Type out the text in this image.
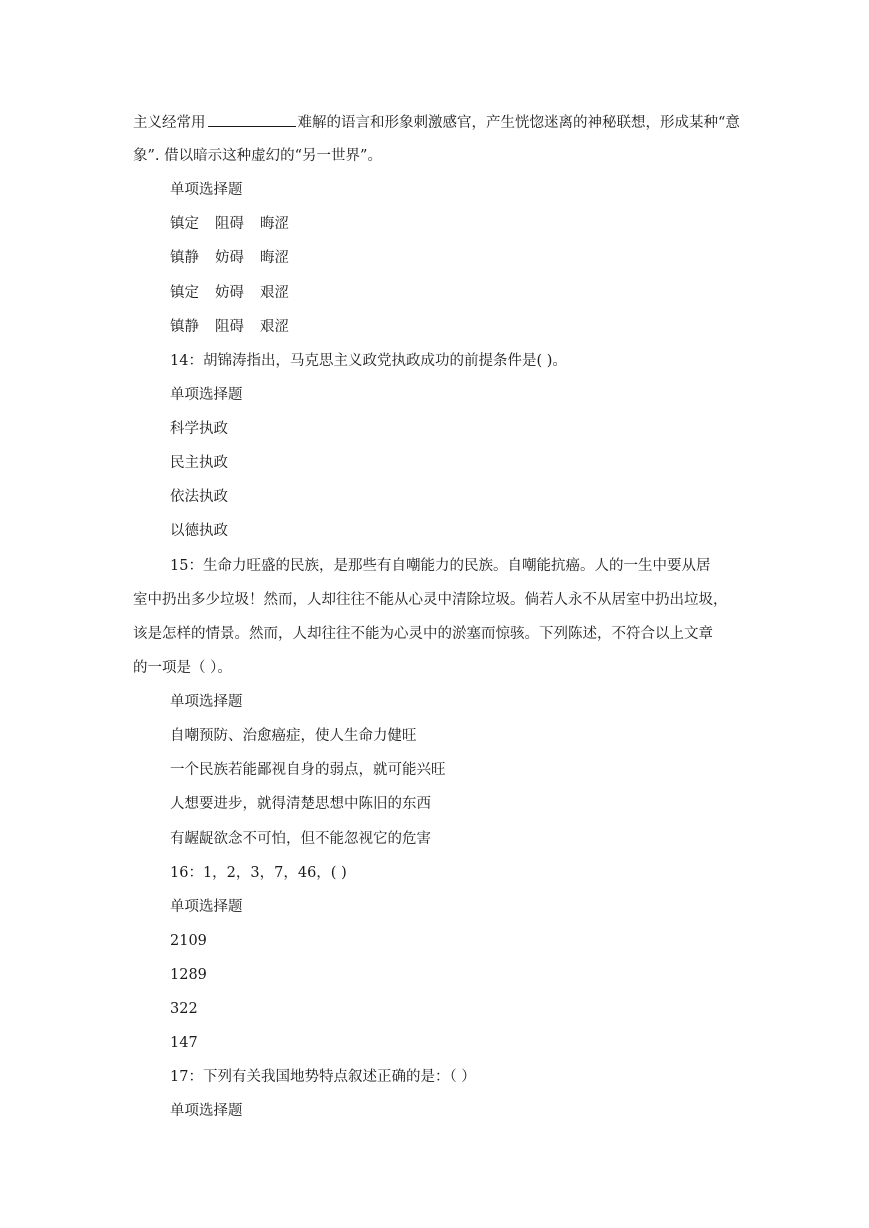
主义经常用	难解的语言和形象刺激感官，产生恍惚迷离的神秘联想，形成某种“意
象”. 借以暗示这种虚幻的“另一世界”。
单项选择题
镇定 阻碍 晦涩
镇静 妨碍 晦涩
镇定 妨碍 艰涩
镇静 阻碍 艰涩
14：胡锦涛指出，马克思主义政党执政成功的前提条件是( )。
单项选择题
科学执政
民主执政
依法执政
以德执政
15：生命力旺盛的民族，是那些有自嘲能力的民族。自嘲能抗癌。人的一生中要从居
室中扔出多少垃圾！然而，人却往往不能从心灵中清除垃圾。倘若人永不从居室中扔出垃圾，
该是怎样的情景。然而，人却往往不能为心灵中的淤塞而惊骇。下列陈述，不符合以上文章
的一项是（ ）。
单项选择题
自嘲预防、治愈癌症，使人生命力健旺
一个民族若能鄙视自身的弱点，就可能兴旺
人想要进步，就得清楚思想中陈旧的东西
有龌龊欲念不可怕，但不能忽视它的危害
16：1，2，3，7，46，( )
单项选择题
2109
1289
322
147
17：下列有关我国地势特点叙述正确的是：（ ）
单项选择题
